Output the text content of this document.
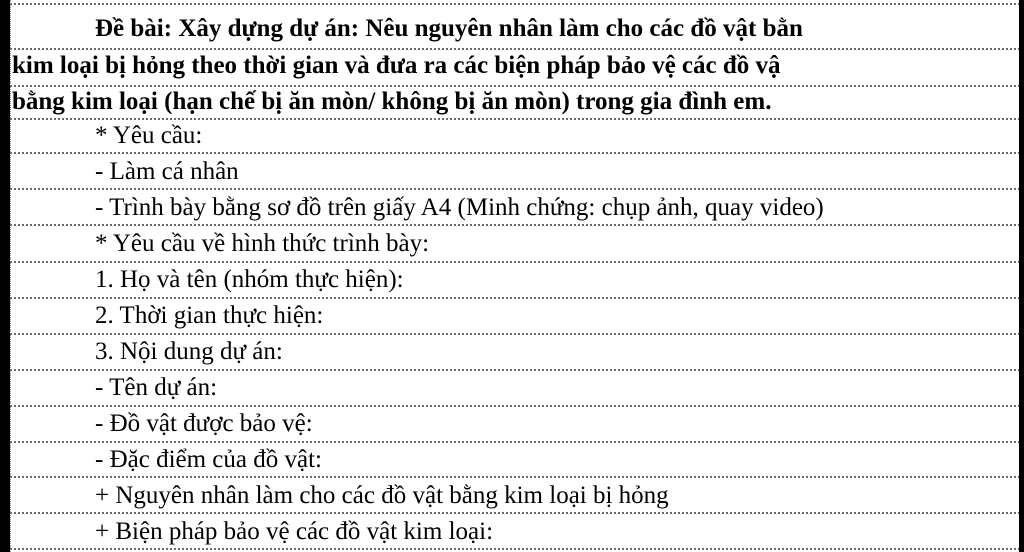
Đề bài: Xây dựng dự án: Nêu nguyên nhân làm cho các đồ vật bằn
kim loại bị hỏng theo thời gian và đưa ra các biện pháp bảo vệ các đồ vậ
bằng kim loại (hạn chế bị ăn mòn/ không bị ăn mòn) trong gia đình em.
* Yêu cầu:
- Làm cá nhân
- Trình bày bằng sơ đồ trên giấy A4 (Minh chứng: chụp ảnh, quay video)
* Yêu cầu về hình thức trình bày:
1. Họ và tên (nhóm thực hiện):
2. Thời gian thực hiện:
3. Nội dung dự án:
- Tên dự án:
- Đồ vật được bảo vệ:
- Đặc điểm của đồ vật:
+ Nguyên nhân làm cho các đồ vật bằng kim loại bị hỏng
+ Biện pháp bảo vệ các đồ vật kim loại:
